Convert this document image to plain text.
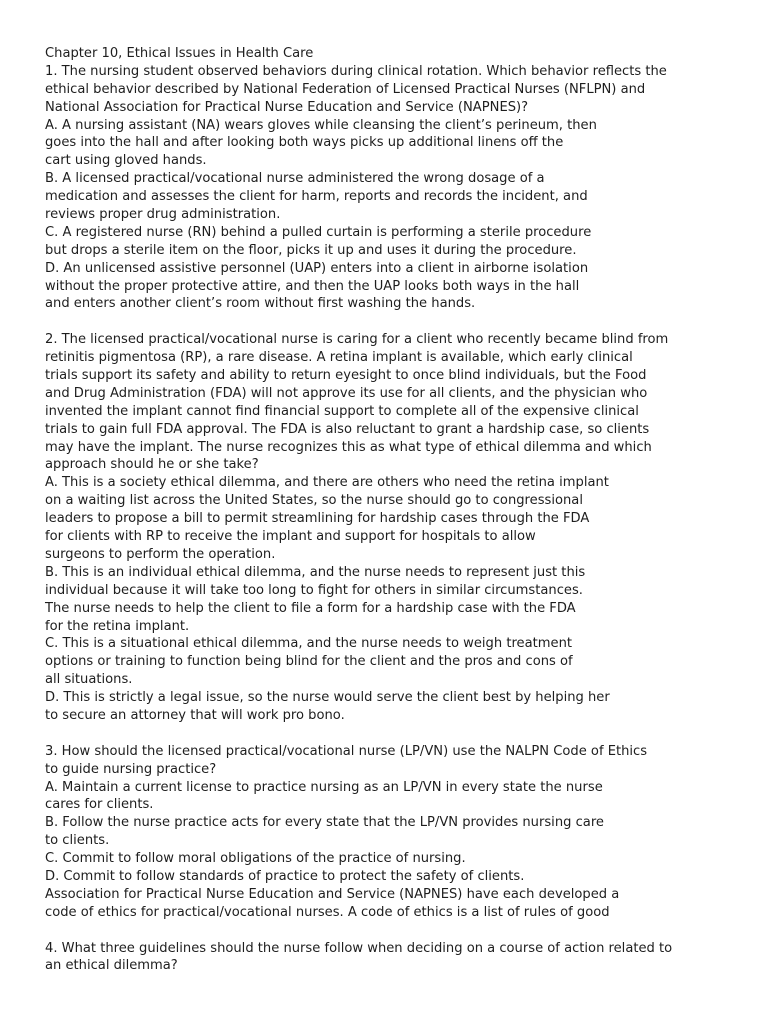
Chapter 10, Ethical Issues in Health Care
1. The nursing student observed behaviors during clinical rotation. Which behavior reflects the
ethical behavior described by National Federation of Licensed Practical Nurses (NFLPN) and
National Association for Practical Nurse Education and Service (NAPNES)?
A. A nursing assistant (NA) wears gloves while cleansing the client’s perineum, then
goes into the hall and after looking both ways picks up additional linens off the
cart using gloved hands.
B. A licensed practical/vocational nurse administered the wrong dosage of a
medication and assesses the client for harm, reports and records the incident, and
reviews proper drug administration.
C. A registered nurse (RN) behind a pulled curtain is performing a sterile procedure
but drops a sterile item on the floor, picks it up and uses it during the procedure.
D. An unlicensed assistive personnel (UAP) enters into a client in airborne isolation
without the proper protective attire, and then the UAP looks both ways in the hall
and enters another client’s room without first washing the hands.
2. The licensed practical/vocational nurse is caring for a client who recently became blind from
retinitis pigmentosa (RP), a rare disease. A retina implant is available, which early clinical
trials support its safety and ability to return eyesight to once blind individuals, but the Food
and Drug Administration (FDA) will not approve its use for all clients, and the physician who
invented the implant cannot find financial support to complete all of the expensive clinical
trials to gain full FDA approval. The FDA is also reluctant to grant a hardship case, so clients
may have the implant. The nurse recognizes this as what type of ethical dilemma and which
approach should he or she take?
A. This is a society ethical dilemma, and there are others who need the retina implant
on a waiting list across the United States, so the nurse should go to congressional
leaders to propose a bill to permit streamlining for hardship cases through the FDA
for clients with RP to receive the implant and support for hospitals to allow
surgeons to perform the operation.
B. This is an individual ethical dilemma, and the nurse needs to represent just this
individual because it will take too long to fight for others in similar circumstances.
The nurse needs to help the client to file a form for a hardship case with the FDA
for the retina implant.
C. This is a situational ethical dilemma, and the nurse needs to weigh treatment
options or training to function being blind for the client and the pros and cons of
all situations.
D. This is strictly a legal issue, so the nurse would serve the client best by helping her
to secure an attorney that will work pro bono.
3. How should the licensed practical/vocational nurse (LP/VN) use the NALPN Code of Ethics
to guide nursing practice?
A. Maintain a current license to practice nursing as an LP/VN in every state the nurse
cares for clients.
B. Follow the nurse practice acts for every state that the LP/VN provides nursing care
to clients.
C. Commit to follow moral obligations of the practice of nursing.
D. Commit to follow standards of practice to protect the safety of clients.
Association for Practical Nurse Education and Service (NAPNES) have each developed a
code of ethics for practical/vocational nurses. A code of ethics is a list of rules of good
4. What three guidelines should the nurse follow when deciding on a course of action related to
an ethical dilemma?
